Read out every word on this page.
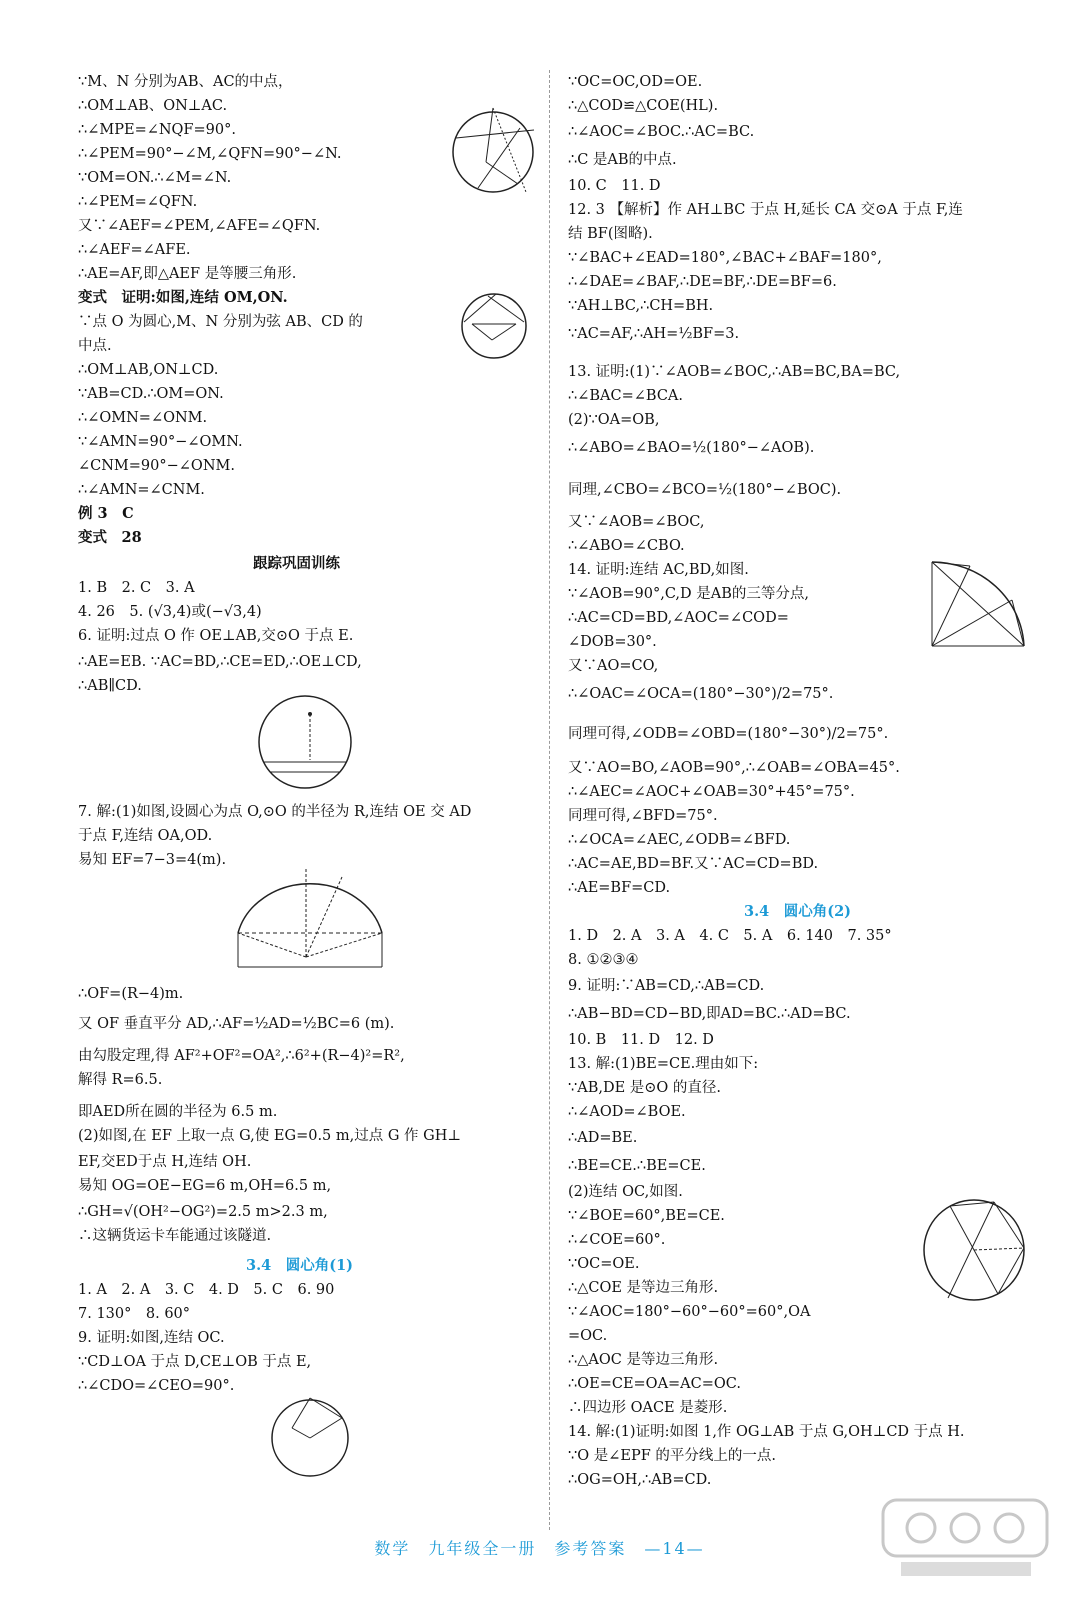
∵M、N 分别为AB、AC的中点，
∴OM⊥AB、ON⊥AC.
∴∠MPE=∠NQF=90°.
∴∠PEM=90°−∠M,∠QFN=90°−∠N.
∵OM=ON.∴∠M=∠N.
∴∠PEM=∠QFN.
又∵∠AEF=∠PEM,∠AFE=∠QFN.
∴∠AEF=∠AFE.
∴AE=AF,即△AEF 是等腰三角形.
变式　证明:如图,连结 OM,ON.
∵点 O 为圆心,M、N 分别为弦 AB、CD 的
中点.
∴OM⊥AB,ON⊥CD.
∵AB=CD.∴OM=ON.
∴∠OMN=∠ONM.
∵∠AMN=90°−∠OMN.
∠CNM=90°−∠ONM.
∴∠AMN=∠CNM.
例 3　C
变式　28
跟踪巩固训练
1. B　2. C　3. A
4. 26　5. (√3,4)或(−√3,4)
6. 证明:过点 O 作 OE⊥AB,交⊙O 于点 E.
∴AE=EB. ∵AC=BD,∴CE=ED,∴OE⊥CD,
∴AB∥CD.
7. 解:(1)如图,设圆心为点 O,⊙O 的半径为 R,连结 OE 交 AD
于点 F,连结 OA,OD.
易知 EF=7−3=4(m).
∴OF=(R−4)m.
又 OF 垂直平分 AD,∴AF=½AD=½BC=6 (m).
由勾股定理,得 AF²+OF²=OA²,∴6²+(R−4)²=R²,
解得 R=6.5.
即AED所在圆的半径为 6.5 m.
(2)如图,在 EF 上取一点 G,使 EG=0.5 m,过点 G 作 GH⊥
EF,交ED于点 H,连结 OH.
易知 OG=OE−EG=6 m,OH=6.5 m,
∴GH=√(OH²−OG²)=2.5 m>2.3 m,
∴这辆货运卡车能通过该隧道.
3.4　圆心角(1)
1. A　2. A　3. C　4. D　5. C　6. 90
7. 130°　8. 60°
9. 证明:如图,连结 OC.
∵CD⊥OA 于点 D,CE⊥OB 于点 E,
∴∠CDO=∠CEO=90°.
∵OC=OC,OD=OE.
∴△COD≌△COE(HL).
∴∠AOC=∠BOC.∴AC=BC.
∴C 是AB的中点.
10. C　11. D
12. 3 【解析】作 AH⊥BC 于点 H,延长 CA 交⊙A 于点 F,连
结 BF(图略).
∵∠BAC+∠EAD=180°,∠BAC+∠BAF=180°,
∴∠DAE=∠BAF,∴DE=BF,∴DE=BF=6.
∵AH⊥BC,∴CH=BH.
∵AC=AF,∴AH=½BF=3.
13. 证明:(1)∵∠AOB=∠BOC,∴AB=BC,BA=BC,
∴∠BAC=∠BCA.
(2)∵OA=OB,
∴∠ABO=∠BAO=½(180°−∠AOB).
同理,∠CBO=∠BCO=½(180°−∠BOC).
又∵∠AOB=∠BOC,
∴∠ABO=∠CBO.
14. 证明:连结 AC,BD,如图.
∵∠AOB=90°,C,D 是AB的三等分点,
∴AC=CD=BD,∠AOC=∠COD=
∠DOB=30°.
又∵AO=CO,
∴∠OAC=∠OCA=(180°−30°)/2=75°.
同理可得,∠ODB=∠OBD=(180°−30°)/2=75°.
又∵AO=BO,∠AOB=90°,∴∠OAB=∠OBA=45°.
∴∠AEC=∠AOC+∠OAB=30°+45°=75°.
同理可得,∠BFD=75°.
∴∠OCA=∠AEC,∠ODB=∠BFD.
∴AC=AE,BD=BF.又∵AC=CD=BD.
∴AE=BF=CD.
3.4　圆心角(2)
1. D　2. A　3. A　4. C　5. A　6. 140　7. 35°
8. ①②③④
9. 证明:∵AB=CD,∴AB=CD.
∴AB−BD=CD−BD,即AD=BC.∴AD=BC.
10. B　11. D　12. D
13. 解:(1)BE=CE.理由如下:
∵AB,DE 是⊙O 的直径.
∴∠AOD=∠BOE.
∴AD=BE.
∴BE=CE.∴BE=CE.
(2)连结 OC,如图.
∵∠BOE=60°,BE=CE.
∴∠COE=60°.
∵OC=OE.
∴△COE 是等边三角形.
∵∠AOC=180°−60°−60°=60°,OA
=OC.
∴△AOC 是等边三角形.
∴OE=CE=OA=AC=OC.
∴四边形 OACE 是菱形.
14. 解:(1)证明:如图 1,作 OG⊥AB 于点 G,OH⊥CD 于点 H.
∵O 是∠EPF 的平分线上的一点.
∴OG=OH,∴AB=CD.
数学　九年级全一册　参考答案　—14—
